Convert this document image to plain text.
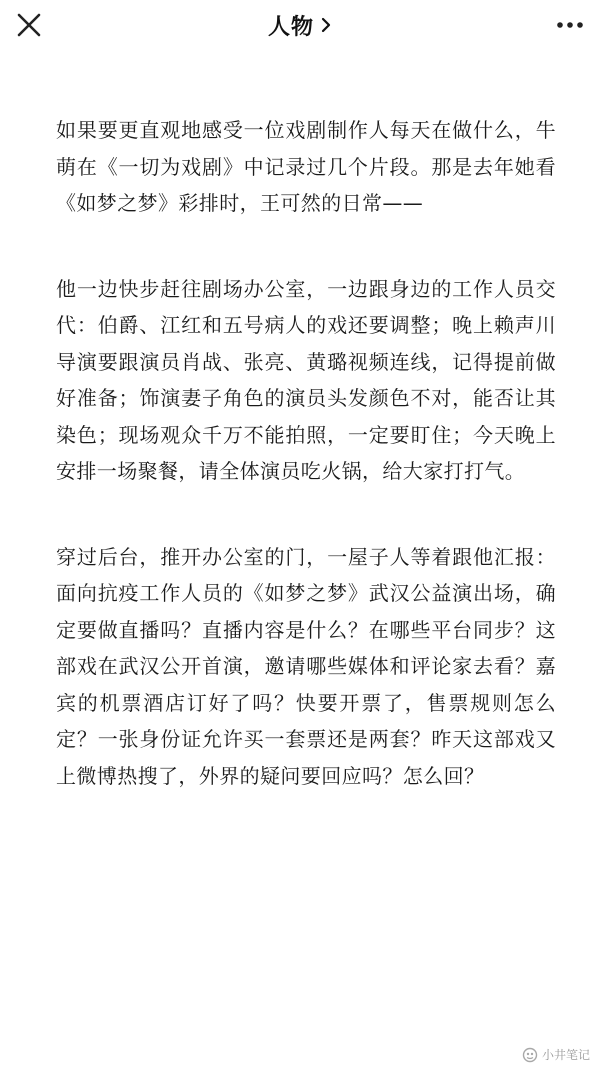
人物

如果要更直观地感受一位戏剧制作人每天在做什么，牛萌在《一切为戏剧》中记录过几个片段。那是去年她看《如梦之梦》彩排时，王可然的日常——

他一边快步赶往剧场办公室，一边跟身边的工作人员交代：伯爵、江红和五号病人的戏还要调整；晚上赖声川导演要跟演员肖战、张亮、黄璐视频连线，记得提前做好准备；饰演妻子角色的演员头发颜色不对，能否让其染色；现场观众千万不能拍照，一定要盯住；今天晚上安排一场聚餐，请全体演员吃火锅，给大家打打气。

穿过后台，推开办公室的门，一屋子人等着跟他汇报：面向抗疫工作人员的《如梦之梦》武汉公益演出场，确定要做直播吗？直播内容是什么？在哪些平台同步？这部戏在武汉公开首演，邀请哪些媒体和评论家去看？嘉宾的机票酒店订好了吗？快要开票了，售票规则怎么定？一张身份证允许买一套票还是两套？昨天这部戏又上微博热搜了，外界的疑问要回应吗？怎么回？

小井笔记
